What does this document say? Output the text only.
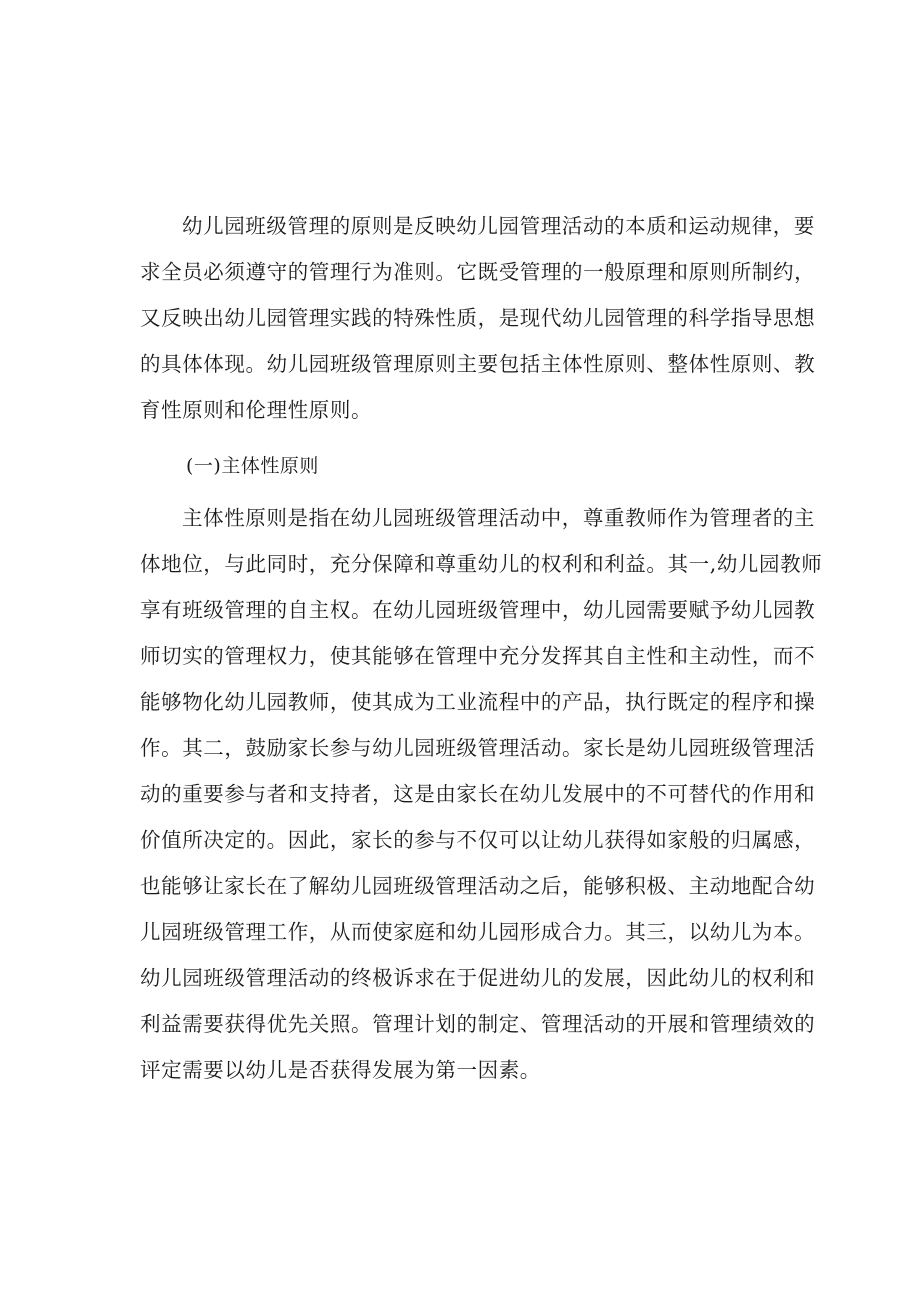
幼儿园班级管理的原则是反映幼儿园管理活动的本质和运动规律，要
求全员必须遵守的管理行为准则。它既受管理的一般原理和原则所制约，
又反映出幼儿园管理实践的特殊性质，是现代幼儿园管理的科学指导思想
的具体体现。幼儿园班级管理原则主要包括主体性原则、整体性原则、教
育性原则和伦理性原则。
(一)主体性原则
主体性原则是指在幼儿园班级管理活动中，尊重教师作为管理者的主
体地位，与此同时，充分保障和尊重幼儿的权利和利益。其一,幼儿园教师
享有班级管理的自主权。在幼儿园班级管理中，幼儿园需要赋予幼儿园教
师切实的管理权力，使其能够在管理中充分发挥其自主性和主动性，而不
能够物化幼儿园教师，使其成为工业流程中的产品，执行既定的程序和操
作。其二，鼓励家长参与幼儿园班级管理活动。家长是幼儿园班级管理活
动的重要参与者和支持者，这是由家长在幼儿发展中的不可替代的作用和
价值所决定的。因此，家长的参与不仅可以让幼儿获得如家般的归属感，
也能够让家长在了解幼儿园班级管理活动之后，能够积极、主动地配合幼
儿园班级管理工作，从而使家庭和幼儿园形成合力。其三，以幼儿为本。
幼儿园班级管理活动的终极诉求在于促进幼儿的发展，因此幼儿的权利和
利益需要获得优先关照。管理计划的制定、管理活动的开展和管理绩效的
评定需要以幼儿是否获得发展为第一因素。
